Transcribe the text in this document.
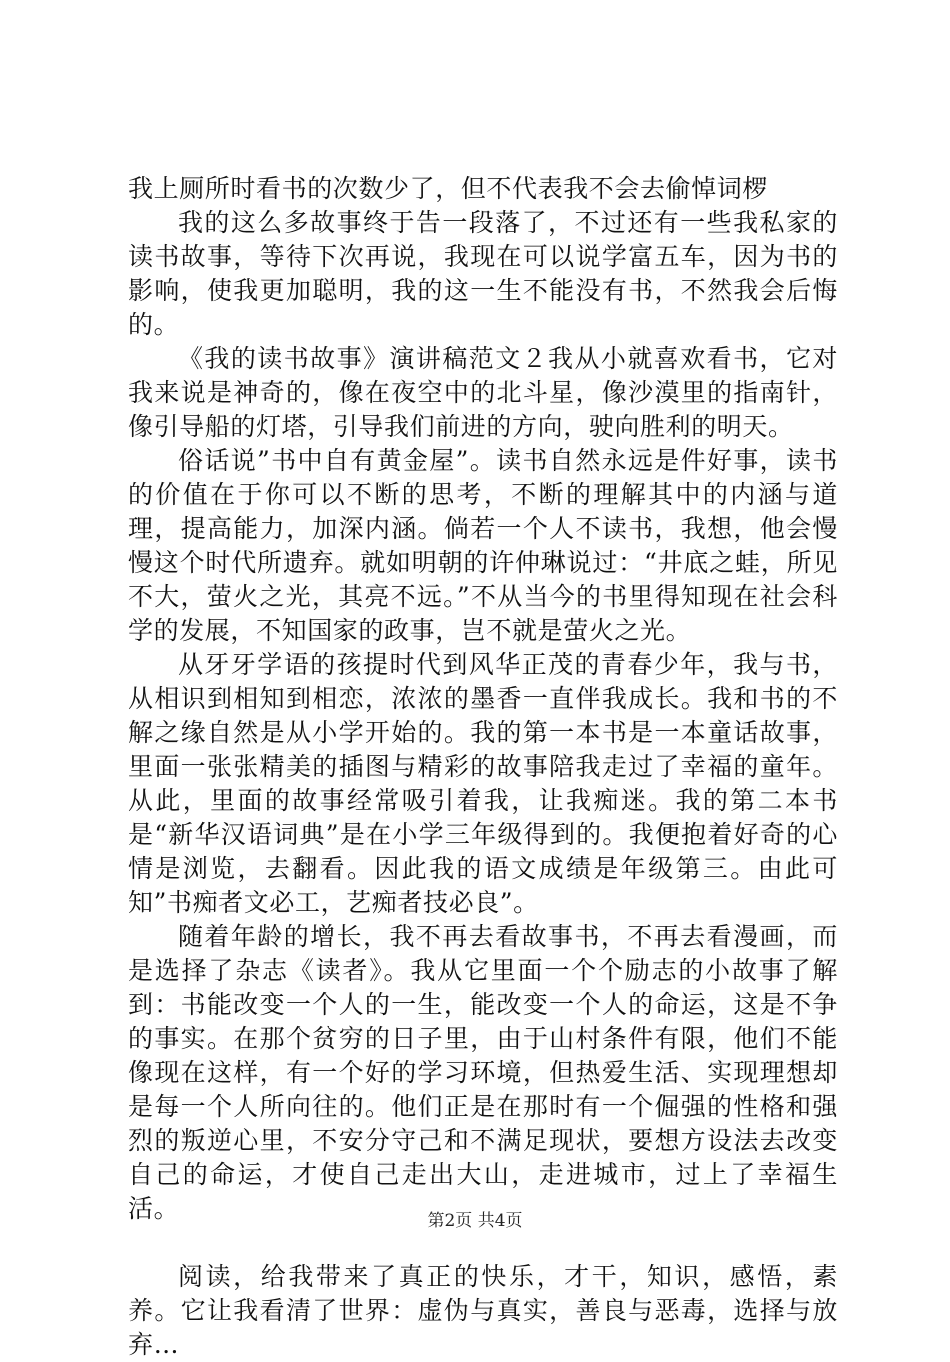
我上厕所时看书的次数少了，但不代表我不会去偷悼词椤

我的这么多故事终于告一段落了，不过还有一些我私家的读书故事，等待下次再说，我现在可以说学富五车，因为书的影响，使我更加聪明，我的这一生不能没有书，不然我会后悔的。

《我的读书故事》演讲稿范文２我从小就喜欢看书，它对我来说是神奇的，像在夜空中的北斗星，像沙漠里的指南针，像引导船的灯塔，引导我们前进的方向，驶向胜利的明天。

俗话说”书中自有黄金屋”。读书自然永远是件好事，读书的价值在于你可以不断的思考，不断的理解其中的内涵与道理，提高能力，加深内涵。倘若一个人不读书，我想，他会慢慢这个时代所遗弃。就如明朝的许仲琳说过：“井底之蛙，所见不大，萤火之光，其亮不远。”不从当今的书里得知现在社会科学的发展，不知国家的政事，岂不就是萤火之光。

从牙牙学语的孩提时代到风华正茂的青春少年，我与书，从相识到相知到相恋，浓浓的墨香一直伴我成长。我和书的不解之缘自然是从小学开始的。我的第一本书是一本童话故事，里面一张张精美的插图与精彩的故事陪我走过了幸福的童年。从此，里面的故事经常吸引着我，让我痴迷。我的第二本书是“新华汉语词典”是在小学三年级得到的。我便抱着好奇的心情是浏览，去翻看。因此我的语文成绩是年级第三。由此可知”书痴者文必工，艺痴者技必良”。

随着年龄的增长，我不再去看故事书，不再去看漫画，而是选择了杂志《读者》。我从它里面一个个励志的小故事了解到：书能改变一个人的一生，能改变一个人的命运，这是不争的事实。在那个贫穷的日子里，由于山村条件有限，他们不能像现在这样，有一个好的学习环境，但热爱生活、实现理想却是每一个人所向往的。他们正是在那时有一个倔强的性格和强烈的叛逆心里，不安分守己和不满足现状，要想方设法去改变自己的命运，才使自己走出大山，走进城市，过上了幸福生活。

阅读，给我带来了真正的快乐，才干，知识，感悟，素养。它让我看清了世界：虚伪与真实，善良与恶毒，选择与放弃…

第2页 共4页
